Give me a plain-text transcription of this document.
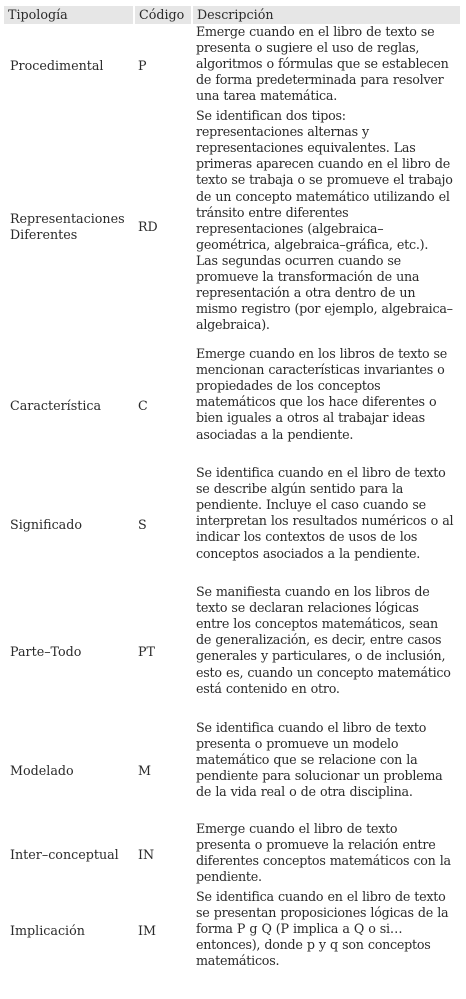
Tipología	Código	Descripción
Procedimental	P	Emerge cuando en el libro de texto se presenta o sugiere el uso de reglas, algoritmos o fórmulas que se establecen de forma predeterminada para resolver una tarea matemática.
Representaciones Diferentes	RD	Se identifican dos tipos: representaciones alternas y representaciones equivalentes. Las primeras aparecen cuando en el libro de texto se trabaja o se promueve el trabajo de un concepto matemático utilizando el tránsito entre diferentes representaciones (algebraica–geométrica, algebraica–gráfica, etc.). Las segundas ocurren cuando se promueve la transformación de una representación a otra dentro de un mismo registro (por ejemplo, algebraica–algebraica).
Característica	C	Emerge cuando en los libros de texto se mencionan características invariantes o propiedades de los conceptos matemáticos que los hace diferentes o bien iguales a otros al trabajar ideas asociadas a la pendiente.
Significado	S	Se identifica cuando en el libro de texto se describe algún sentido para la pendiente. Incluye el caso cuando se interpretan los resultados numéricos o al indicar los contextos de usos de los conceptos asociados a la pendiente.
Parte–Todo	PT	Se manifiesta cuando en los libros de texto se declaran relaciones lógicas entre los conceptos matemáticos, sean de generalización, es decir, entre casos generales y particulares, o de inclusión, esto es, cuando un concepto matemático está contenido en otro.
Modelado	M	Se identifica cuando el libro de texto presenta o promueve un modelo matemático que se relacione con la pendiente para solucionar un problema de la vida real o de otra disciplina.
Inter–conceptual	IN	Emerge cuando el libro de texto presenta o promueve la relación entre diferentes conceptos matemáticos con la pendiente.
Implicación	IM	Se identifica cuando en el libro de texto se presentan proposiciones lógicas de la forma P g Q (P implica a Q o si… entonces), donde p y q son conceptos matemáticos.
